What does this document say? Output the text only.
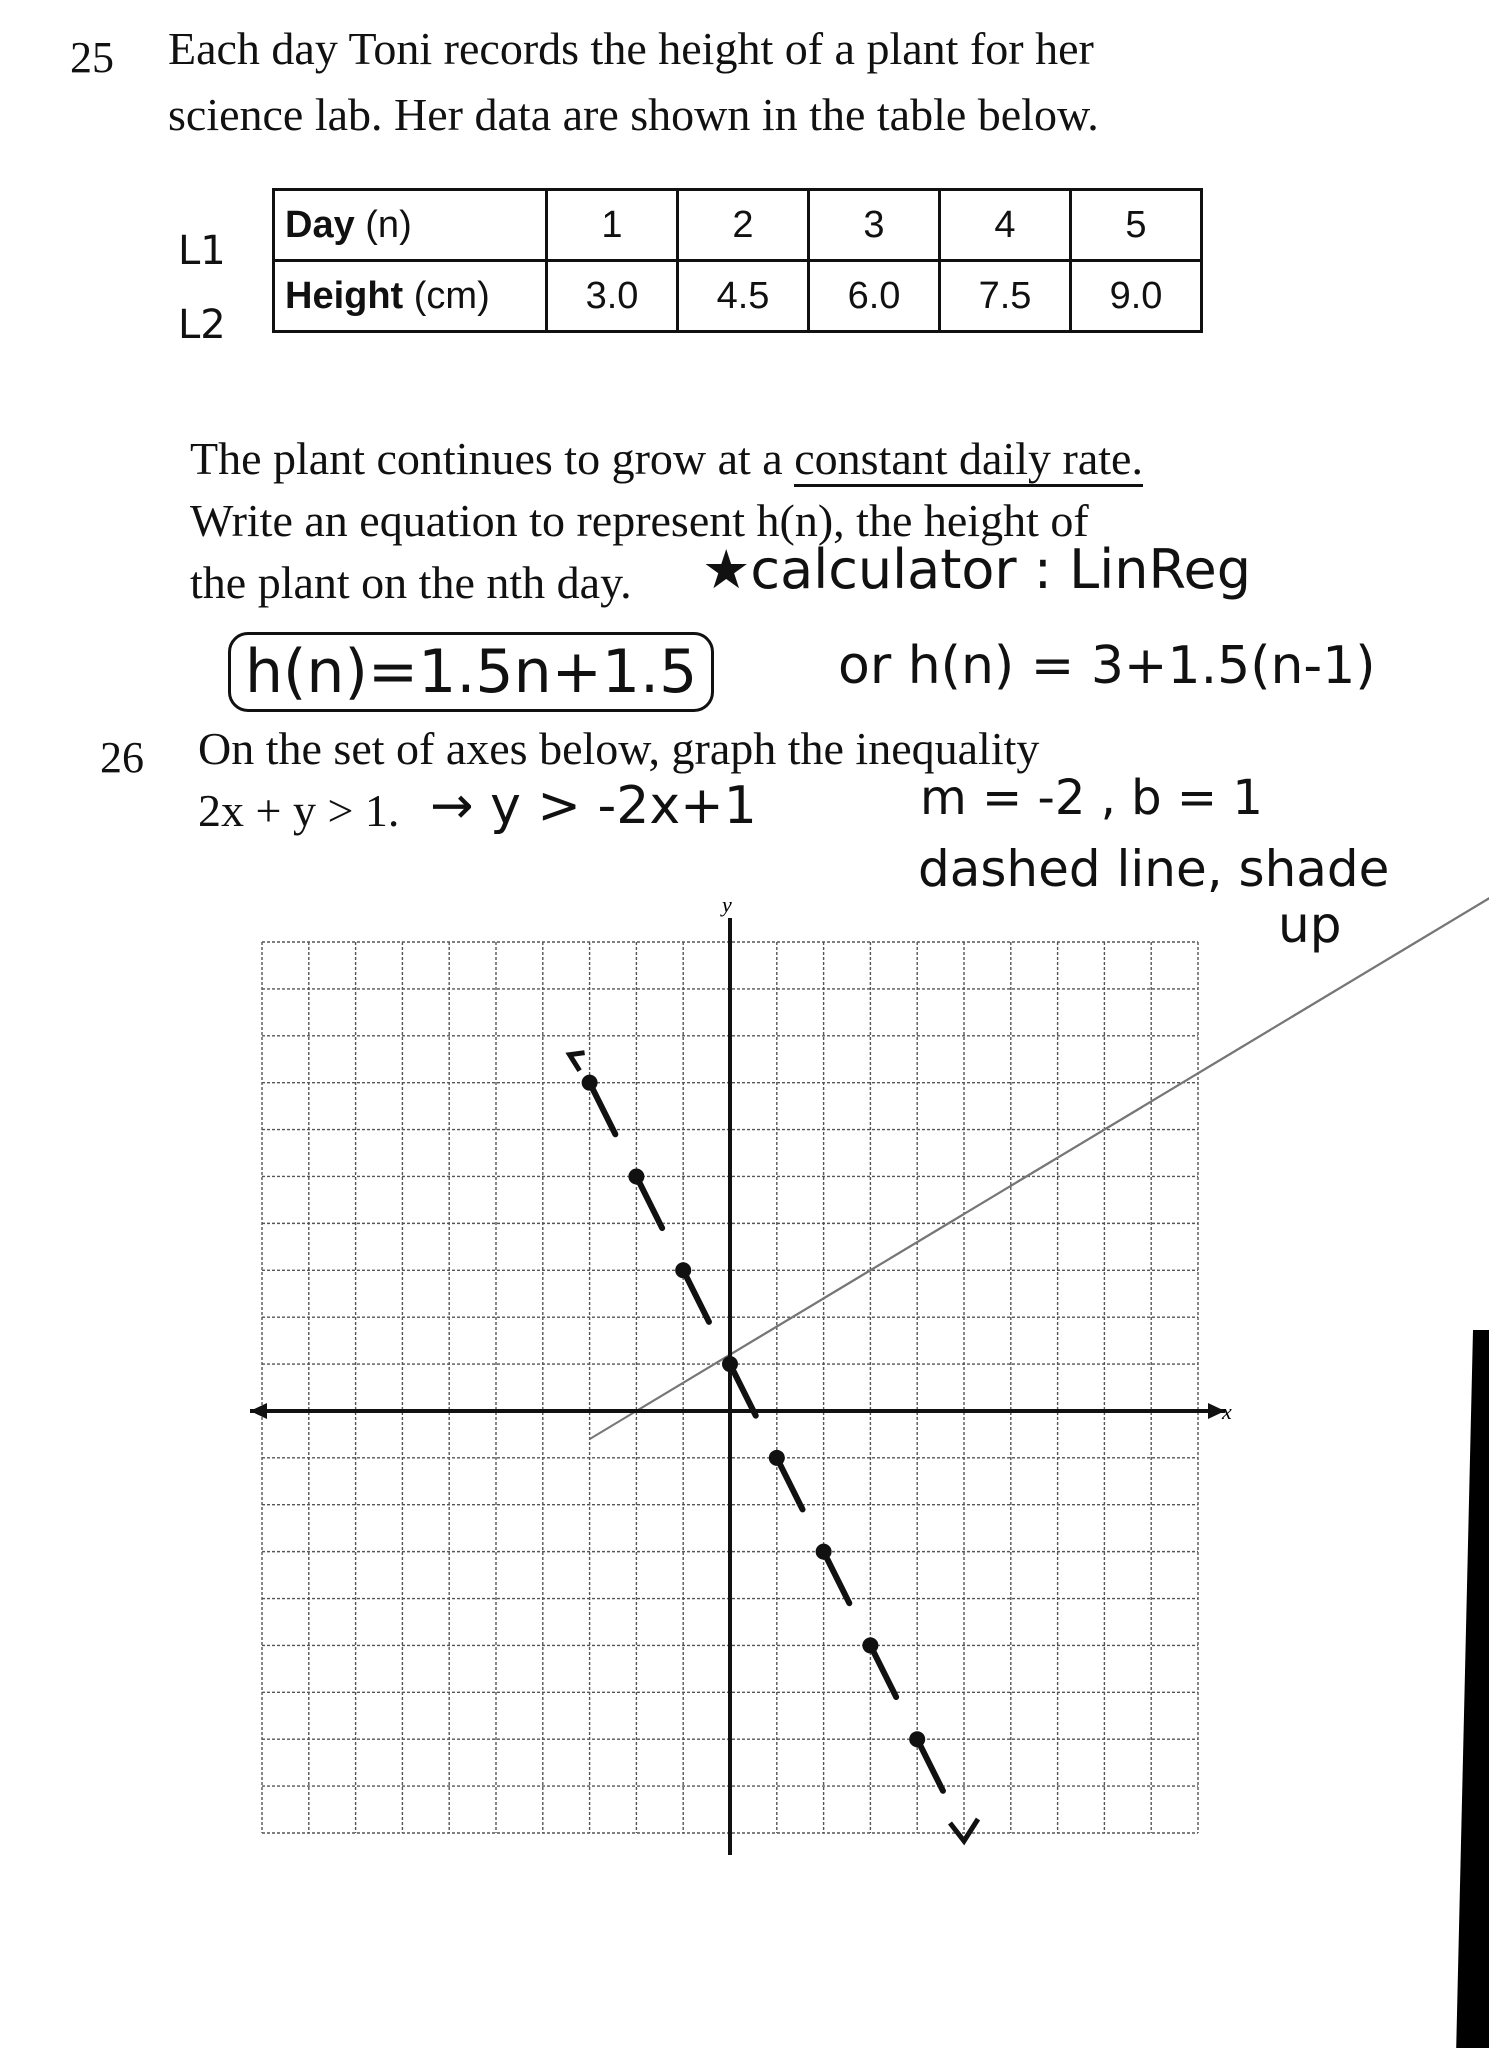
25 Each day Toni records the height of a plant for her
science lab. Her data are shown in the table below.
L1
L2
Day (n)	1	2	3	4	5
Height (cm)	3.0	4.5	6.0	7.5	9.0
The plant continues to grow at a constant daily rate.
Write an equation to represent h(n), the height of
the plant on the nth day. ★calculator : LinReg
h(n)=1.5n+1.5	or h(n) = 3+1.5(n-1)
26 On the set of axes below, graph the inequality
2x + y > 1. → y > -2x+1	m = -2 , b = 1
dashed line, shade
up
x
y
